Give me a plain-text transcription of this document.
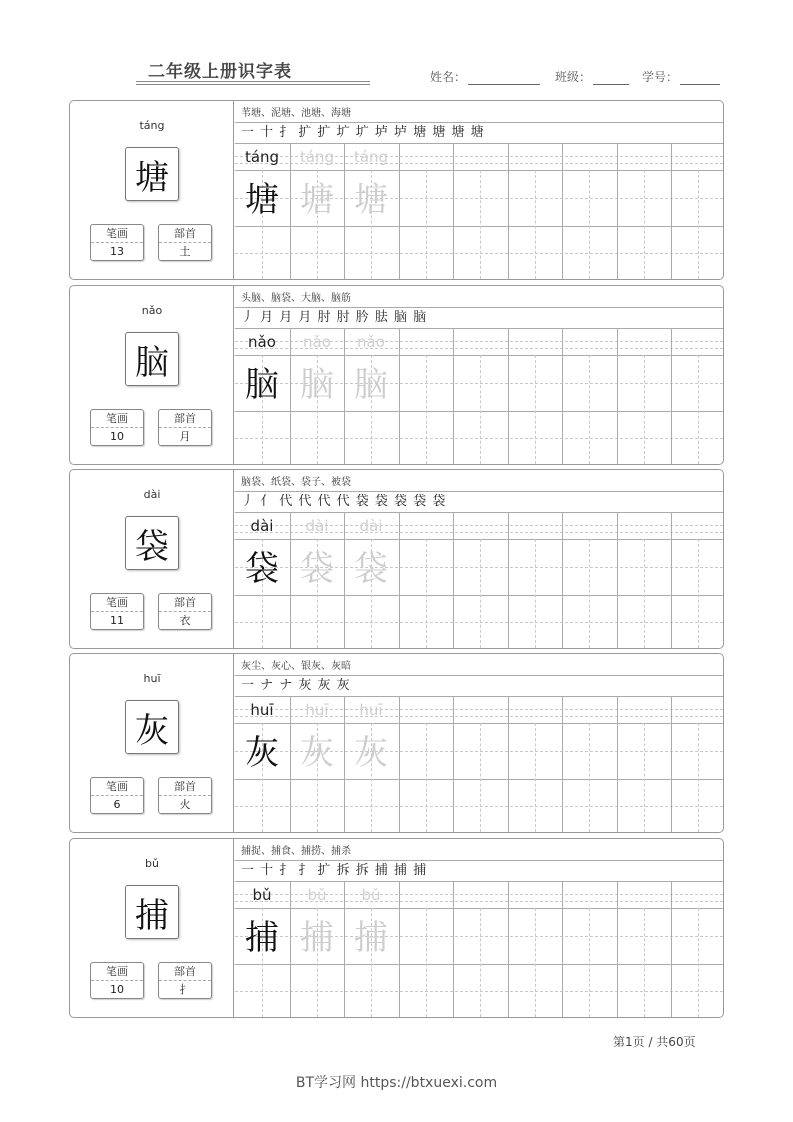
二年级上册识字表	姓名：	班级：	学号：
táng
塘
笔画
13
部首
土
苇塘、泥塘、池塘、海塘
一 十 扌 扩 扩 圹 圹 垆 垆 塘 塘 塘 塘
táng
塘
táng
塘
táng
塘
nǎo
脑
笔画
10
部首
月
头脑、脑袋、大脑、脑筋
丿 月 月 月 肘 肘 肣 胠 脑 脑
nǎo
脑
nǎo
脑
nǎo
脑
dài
袋
笔画
11
部首
衣
脑袋、纸袋、袋子、被袋
丿 亻 代 代 代 代 袋 袋 袋 袋 袋
dài
袋
dài
袋
dài
袋
huī
灰
笔画
6
部首
火
灰尘、灰心、银灰、灰暗
一 ナ ナ 灰 灰 灰
huī
灰
huī
灰
huī
灰
bǔ
捕
笔画
10
部首
扌
捕捉、捕食、捕捞、捕杀
一 十 扌 扌 扩 拆 拆 捕 捕 捕
bǔ
捕
bǔ
捕
bǔ
捕
第1页 / 共60页
BT学习网 https://btxuexi.com
